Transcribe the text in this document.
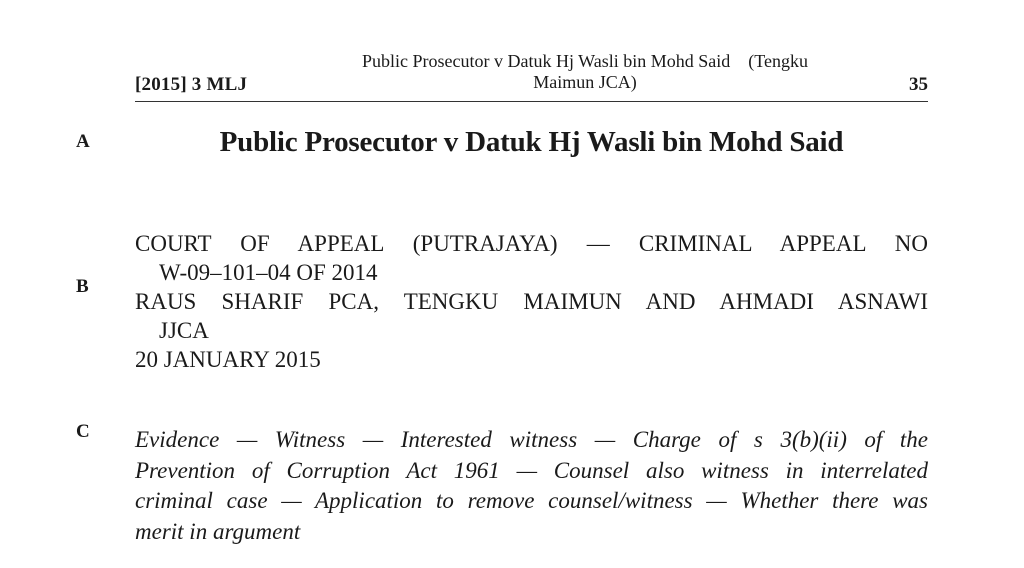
[2015] 3 MLJ
Public Prosecutor v Datuk Hj Wasli bin Mohd Said    (Tengku
Maimun JCA)	35
A
B
C
Public Prosecutor v Datuk Hj Wasli bin Mohd Said
COURT OF APPEAL (PUTRAJAYA) — CRIMINAL APPEAL NO
W-09–101–04 OF 2014
RAUS SHARIF PCA, TENGKU MAIMUN AND AHMADI ASNAWI
JJCA
20 JANUARY 2015
Evidence — Witness — Interested witness — Charge of s 3(b)(ii) of the
Prevention of Corruption Act 1961 — Counsel also witness in interrelated
criminal case — Application to remove counsel/witness — Whether there was
merit in argument
